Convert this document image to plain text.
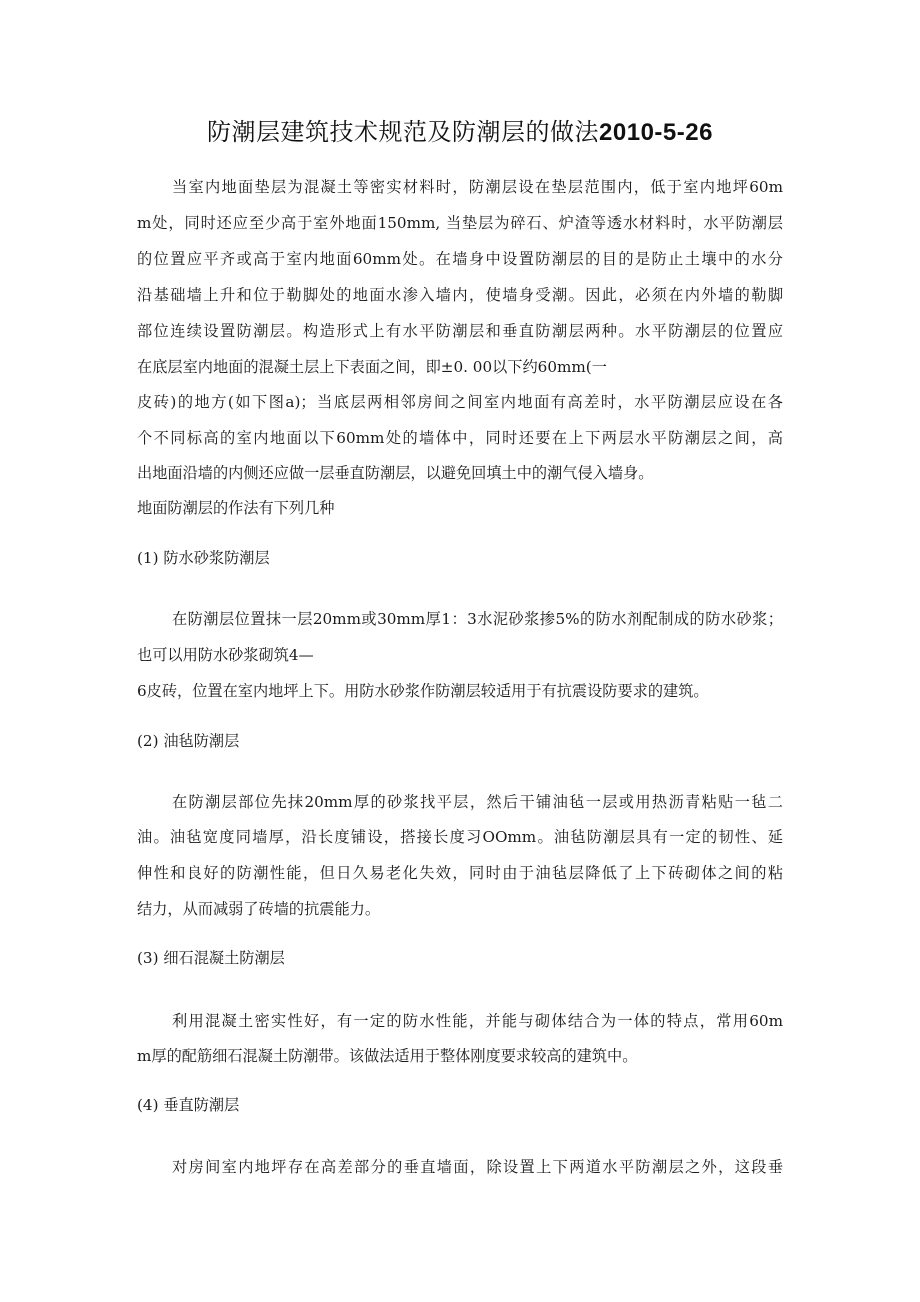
防潮层建筑技术规范及防潮层的做法2010-5-26
当室内地面垫层为混凝土等密实材料时，防潮层设在垫层范围内，低于室内地坪60m
m处，同时还应至少高于室外地面150mm, 当垫层为碎石、炉渣等透水材料时，水平防潮层
的位置应平齐或高于室内地面60mm处。在墙身中设置防潮层的目的是防止土壤中的水分
沿基础墙上升和位于勒脚处的地面水渗入墙内，使墙身受潮。因此，必须在内外墙的勒脚
部位连续设置防潮层。构造形式上有水平防潮层和垂直防潮层两种。水平防潮层的位置应
在底层室内地面的混凝土层上下表面之间，即±0. 00以下约60mm(一
皮砖)的地方(如下图a)；当底层两相邻房间之间室内地面有高差时，水平防潮层应设在各
个不同标高的室内地面以下60mm处的墙体中，同时还要在上下两层水平防潮层之间，高
出地面沿墙的内侧还应做一层垂直防潮层，以避免回填土中的潮气侵入墙身。
地面防潮层的作法有下列几种
(1) 防水砂浆防潮层
在防潮层位置抹一层20mm或30mm厚1：3水泥砂浆掺5%的防水剂配制成的防水砂浆；
也可以用防水砂浆砌筑4—
6皮砖，位置在室内地坪上下。用防水砂浆作防潮层较适用于有抗震设防要求的建筑。
(2) 油毡防潮层
在防潮层部位先抹20mm厚的砂浆找平层，然后干铺油毡一层或用热沥青粘贴一毡二
油。油毡宽度同墙厚，沿长度铺设，搭接长度习OOmm。油毡防潮层具有一定的韧性、延
伸性和良好的防潮性能，但日久易老化失效，同时由于油毡层降低了上下砖砌体之间的粘
结力，从而减弱了砖墙的抗震能力。
(3) 细石混凝土防潮层
利用混凝土密实性好，有一定的防水性能，并能与砌体结合为一体的特点，常用60m
m厚的配筋细石混凝土防潮带。该做法适用于整体刚度要求较高的建筑中。
(4) 垂直防潮层
对房间室内地坪存在高差部分的垂直墙面，除设置上下两道水平防潮层之外，这段垂
